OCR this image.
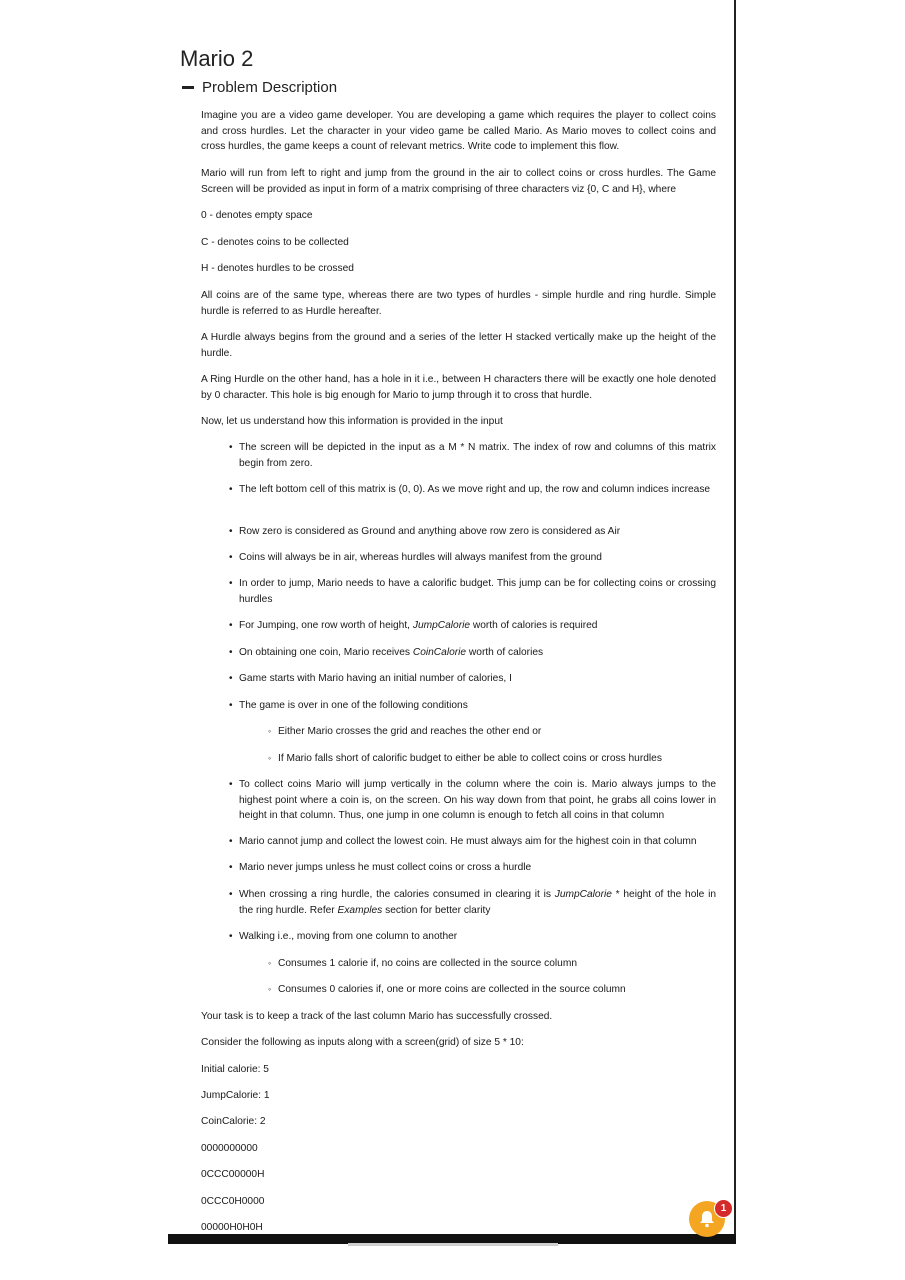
Mario 2
Problem Description

Imagine you are a video game developer. You are developing a game which requires the player to collect coins and cross hurdles. Let the character in your video game be called Mario. As Mario moves to collect coins and cross hurdles, the game keeps a count of relevant metrics. Write code to implement this flow.

Mario will run from left to right and jump from the ground in the air to collect coins or cross hurdles. The Game Screen will be provided as input in form of a matrix comprising of three characters viz {0, C and H}, where

0 - denotes empty space

C - denotes coins to be collected

H - denotes hurdles to be crossed

All coins are of the same type, whereas there are two types of hurdles - simple hurdle and ring hurdle. Simple hurdle is referred to as Hurdle hereafter.

A Hurdle always begins from the ground and a series of the letter H stacked vertically make up the height of the hurdle.

A Ring Hurdle on the other hand, has a hole in it i.e., between H characters there will be exactly one hole denoted by 0 character. This hole is big enough for Mario to jump through it to cross that hurdle.

Now, let us understand how this information is provided in the input

• The screen will be depicted in the input as a M * N matrix. The index of row and columns of this matrix begin from zero.

• The left bottom cell of this matrix is (0, 0). As we move right and up, the row and column indices increase

• Row zero is considered as Ground and anything above row zero is considered as Air

• Coins will always be in air, whereas hurdles will always manifest from the ground

• In order to jump, Mario needs to have a calorific budget. This jump can be for collecting coins or crossing hurdles

• For Jumping, one row worth of height, JumpCalorie worth of calories is required

• On obtaining one coin, Mario receives CoinCalorie worth of calories

• Game starts with Mario having an initial number of calories, I

• The game is over in one of the following conditions

◦ Either Mario crosses the grid and reaches the other end or

◦ If Mario falls short of calorific budget to either be able to collect coins or cross hurdles

• To collect coins Mario will jump vertically in the column where the coin is. Mario always jumps to the highest point where a coin is, on the screen. On his way down from that point, he grabs all coins lower in height in that column. Thus, one jump in one column is enough to fetch all coins in that column

• Mario cannot jump and collect the lowest coin. He must always aim for the highest coin in that column

• Mario never jumps unless he must collect coins or cross a hurdle

• When crossing a ring hurdle, the calories consumed in clearing it is JumpCalorie * height of the hole in the ring hurdle. Refer Examples section for better clarity

• Walking i.e., moving from one column to another

◦ Consumes 1 calorie if, no coins are collected in the source column

◦ Consumes 0 calories if, one or more coins are collected in the source column

Your task is to keep a track of the last column Mario has successfully crossed.

Consider the following as inputs along with a screen(grid) of size 5 * 10:

Initial calorie: 5

JumpCalorie: 1

CoinCalorie: 2

0000000000

0CCC00000H

0CCC0H0000

00000H0H0H

1
